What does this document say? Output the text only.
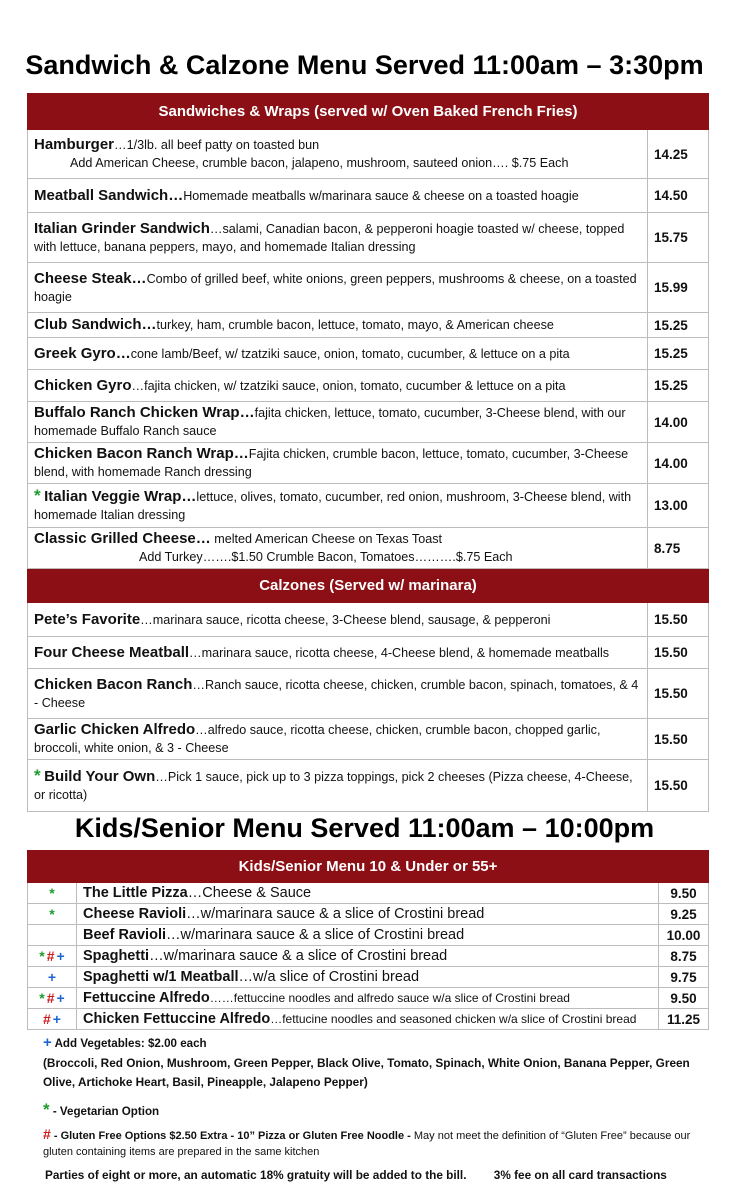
Sandwich & Calzone Menu Served 11:00am – 3:30pm
Sandwiches & Wraps (served w/ Oven Baked French Fries)	
Hamburger…1/3lb. all beef patty on toasted bun
Add American Cheese, crumble bacon, jalapeno, mushroom, sauteed onion…. $.75 Each	14.25
Meatball Sandwich…Homemade meatballs w/marinara sauce & cheese on a toasted hoagie	14.50
Italian Grinder Sandwich…salami, Canadian bacon, & pepperoni hoagie toasted w/ cheese, topped with lettuce, banana peppers, mayo, and homemade Italian dressing	15.75
Cheese Steak…Combo of grilled beef, white onions, green peppers, mushrooms & cheese, on a toasted hoagie	15.99
Club Sandwich…turkey, ham, crumble bacon, lettuce, tomato, mayo, & American cheese	15.25
Greek Gyro…cone lamb/Beef, w/ tzatziki sauce, onion, tomato, cucumber, & lettuce on a pita	15.25
Chicken Gyro…fajita chicken, w/ tzatziki sauce, onion, tomato, cucumber & lettuce on a pita	15.25
Buffalo Ranch Chicken Wrap…fajita chicken, lettuce, tomato, cucumber, 3-Cheese blend, with our homemade Buffalo Ranch sauce	14.00
Chicken Bacon Ranch Wrap…Fajita chicken, crumble bacon, lettuce, tomato, cucumber, 3-Cheese blend, with homemade Ranch dressing	14.00
* Italian Veggie Wrap…lettuce, olives, tomato, cucumber, red onion, mushroom, 3-Cheese blend, with homemade Italian dressing	13.00
Classic Grilled Cheese… melted American Cheese on Texas Toast
Add Turkey…….$1.50 Crumble Bacon, Tomatoes……….$.75 Each	8.75
Calzones (Served w/ marinara)	
Pete’s Favorite…marinara sauce, ricotta cheese, 3-Cheese blend, sausage, & pepperoni	15.50
Four Cheese Meatball…marinara sauce, ricotta cheese, 4-Cheese blend, & homemade meatballs	15.50
Chicken Bacon Ranch…Ranch sauce, ricotta cheese, chicken, crumble bacon, spinach, tomatoes, & 4 - Cheese	15.50
Garlic Chicken Alfredo…alfredo sauce, ricotta cheese, chicken, crumble bacon, chopped garlic, broccoli, white onion, & 3 - Cheese	15.50
* Build Your Own…Pick 1 sauce, pick up to 3 pizza toppings, pick 2 cheeses (Pizza cheese, 4-Cheese, or ricotta)	15.50
Kids/Senior Menu Served 11:00am – 10:00pm
Kids/Senior Menu 10 & Under or 55+		
*	The Little Pizza…Cheese & Sauce	9.50
*	Cheese Ravioli…w/marinara sauce & a slice of Crostini bread	9.25
	Beef Ravioli…w/marinara sauce & a slice of Crostini bread	10.00
* # +	Spaghetti…w/marinara sauce & a slice of Crostini bread	8.75
+	Spaghetti w/1 Meatball…w/a slice of Crostini bread	9.75
* # +	Fettuccine Alfredo……fettuccine noodles and alfredo sauce w/a slice of Crostini bread	9.50
# +	Chicken Fettuccine Alfredo…fettucine noodles and seasoned chicken w/a slice of Crostini bread	11.25
+ Add Vegetables: $2.00 each
(Broccoli, Red Onion, Mushroom, Green Pepper, Black Olive, Tomato, Spinach, White Onion, Banana Pepper, Green Olive, Artichoke Heart, Basil, Pineapple, Jalapeno Pepper)
* - Vegetarian Option
# - Gluten Free Options $2.50 Extra - 10” Pizza or Gluten Free Noodle - May not meet the definition of “Gluten Free” because our gluten containing items are prepared in the same kitchen
Parties of eight or more, an automatic 18% gratuity will be added to the bill. 3% fee on all card transactions
